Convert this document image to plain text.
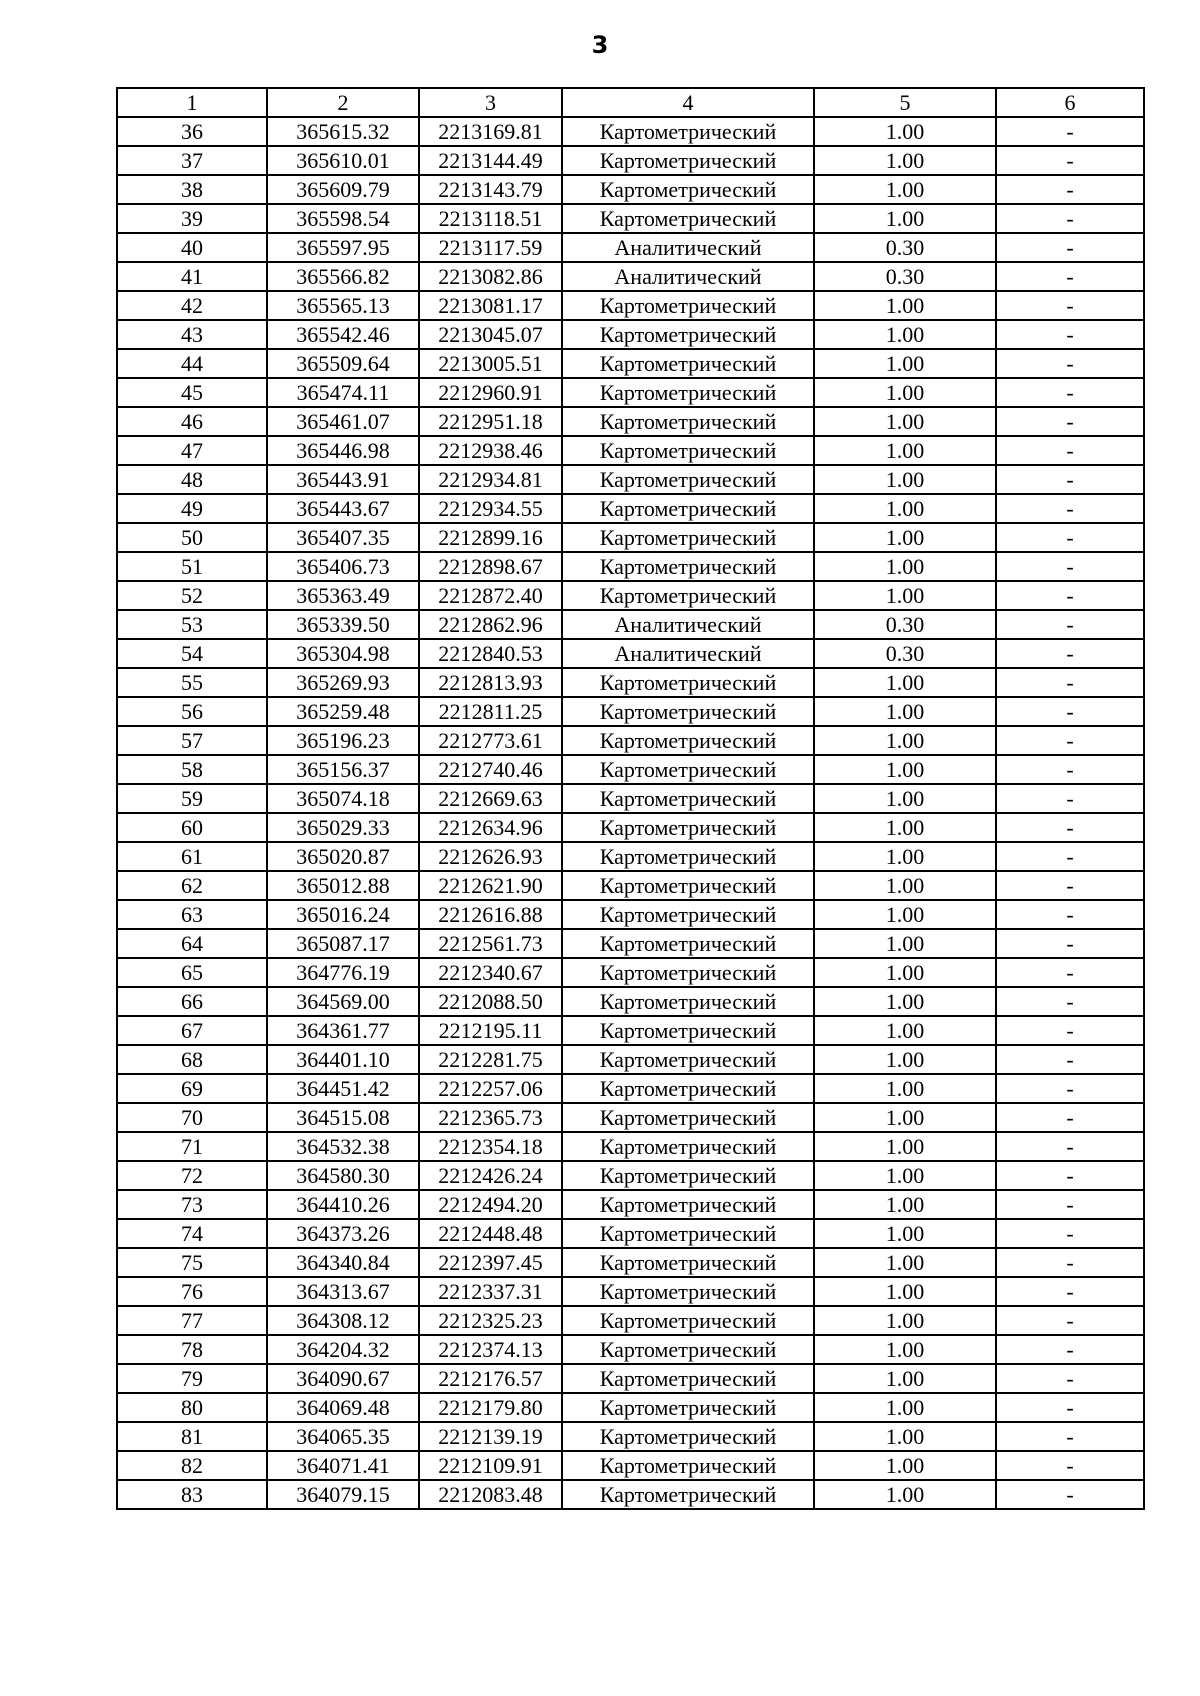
3
1	2	3	4	5	6
36	365615.32	2213169.81	Картометрический	1.00	-
37	365610.01	2213144.49	Картометрический	1.00	-
38	365609.79	2213143.79	Картометрический	1.00	-
39	365598.54	2213118.51	Картометрический	1.00	-
40	365597.95	2213117.59	Аналитический	0.30	-
41	365566.82	2213082.86	Аналитический	0.30	-
42	365565.13	2213081.17	Картометрический	1.00	-
43	365542.46	2213045.07	Картометрический	1.00	-
44	365509.64	2213005.51	Картометрический	1.00	-
45	365474.11	2212960.91	Картометрический	1.00	-
46	365461.07	2212951.18	Картометрический	1.00	-
47	365446.98	2212938.46	Картометрический	1.00	-
48	365443.91	2212934.81	Картометрический	1.00	-
49	365443.67	2212934.55	Картометрический	1.00	-
50	365407.35	2212899.16	Картометрический	1.00	-
51	365406.73	2212898.67	Картометрический	1.00	-
52	365363.49	2212872.40	Картометрический	1.00	-
53	365339.50	2212862.96	Аналитический	0.30	-
54	365304.98	2212840.53	Аналитический	0.30	-
55	365269.93	2212813.93	Картометрический	1.00	-
56	365259.48	2212811.25	Картометрический	1.00	-
57	365196.23	2212773.61	Картометрический	1.00	-
58	365156.37	2212740.46	Картометрический	1.00	-
59	365074.18	2212669.63	Картометрический	1.00	-
60	365029.33	2212634.96	Картометрический	1.00	-
61	365020.87	2212626.93	Картометрический	1.00	-
62	365012.88	2212621.90	Картометрический	1.00	-
63	365016.24	2212616.88	Картометрический	1.00	-
64	365087.17	2212561.73	Картометрический	1.00	-
65	364776.19	2212340.67	Картометрический	1.00	-
66	364569.00	2212088.50	Картометрический	1.00	-
67	364361.77	2212195.11	Картометрический	1.00	-
68	364401.10	2212281.75	Картометрический	1.00	-
69	364451.42	2212257.06	Картометрический	1.00	-
70	364515.08	2212365.73	Картометрический	1.00	-
71	364532.38	2212354.18	Картометрический	1.00	-
72	364580.30	2212426.24	Картометрический	1.00	-
73	364410.26	2212494.20	Картометрический	1.00	-
74	364373.26	2212448.48	Картометрический	1.00	-
75	364340.84	2212397.45	Картометрический	1.00	-
76	364313.67	2212337.31	Картометрический	1.00	-
77	364308.12	2212325.23	Картометрический	1.00	-
78	364204.32	2212374.13	Картометрический	1.00	-
79	364090.67	2212176.57	Картометрический	1.00	-
80	364069.48	2212179.80	Картометрический	1.00	-
81	364065.35	2212139.19	Картометрический	1.00	-
82	364071.41	2212109.91	Картометрический	1.00	-
83	364079.15	2212083.48	Картометрический	1.00	-
